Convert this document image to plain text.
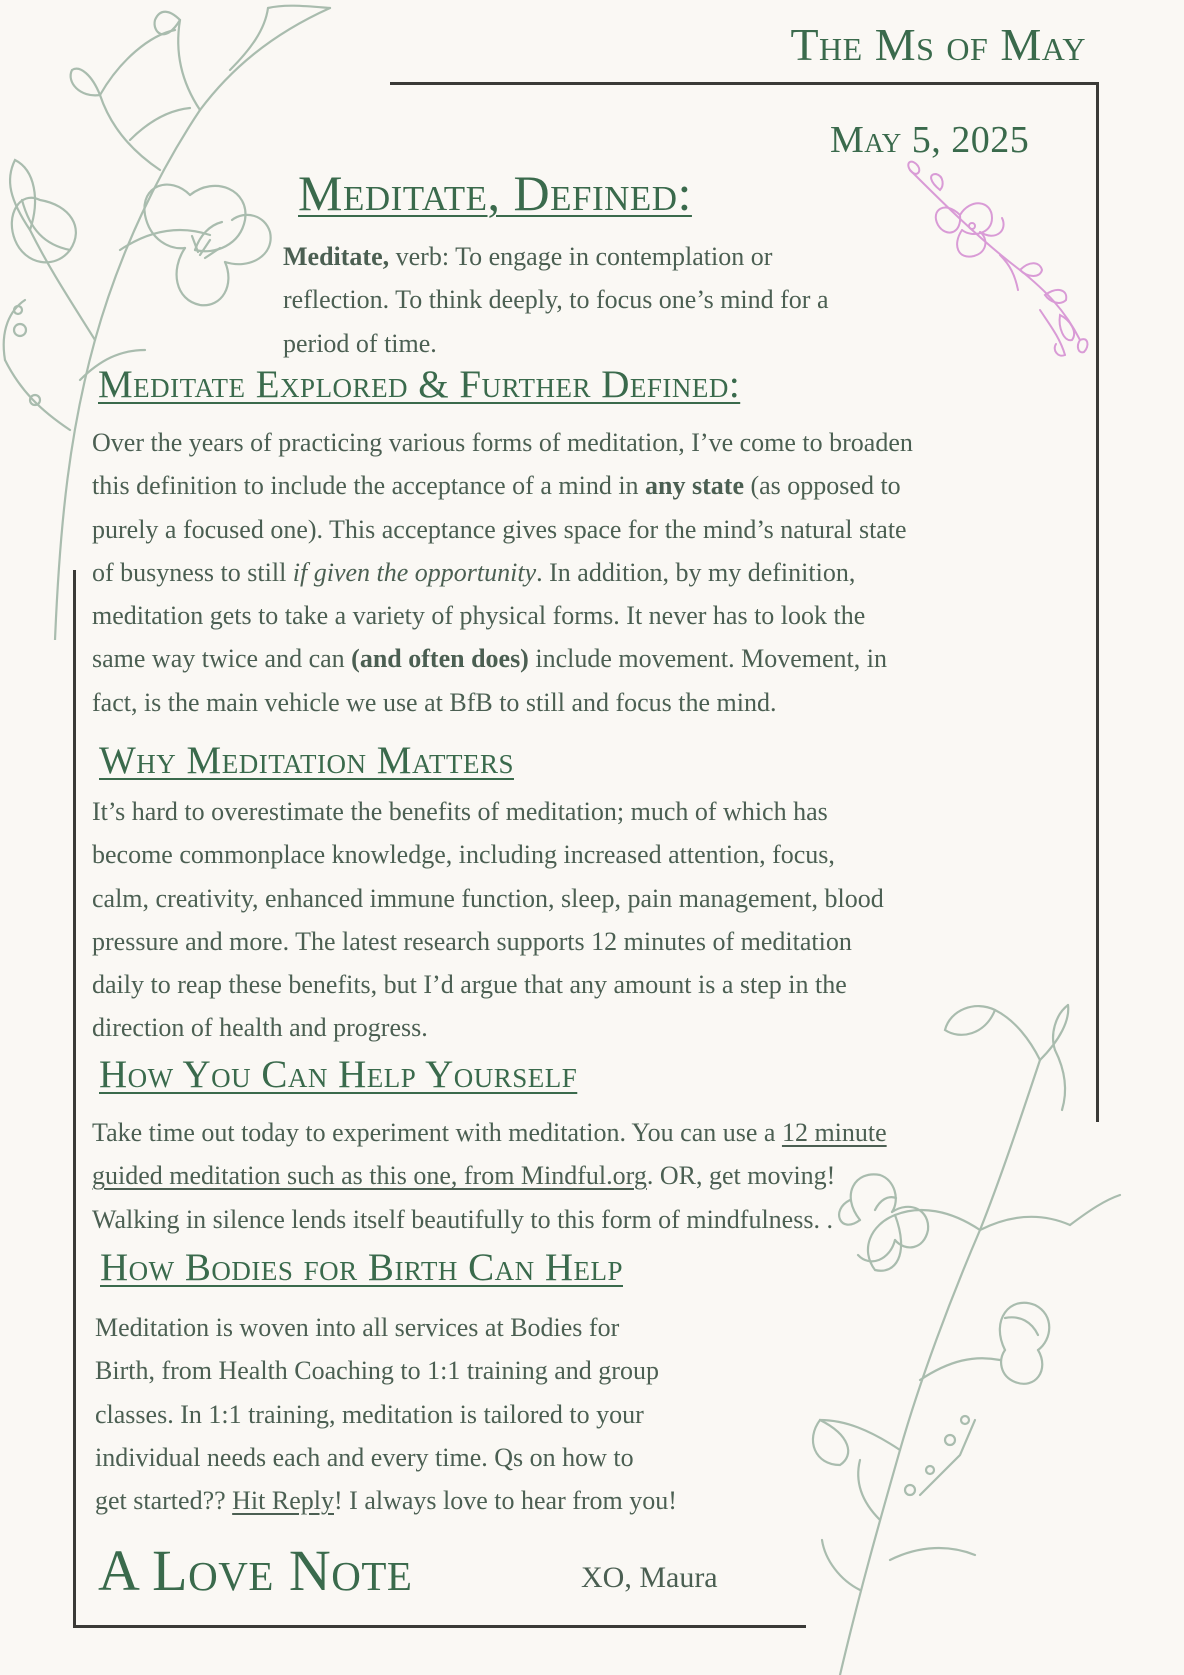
The Ms of May
May 5, 2025
Meditate, Defined:
Meditate, verb: To engage in contemplation or
reflection. To think deeply, to focus one’s mind for a
period of time.
Meditate Explored & Further Defined:
Over the years of practicing various forms of meditation, I’ve come to broaden
this definition to include the acceptance of a mind in any state (as opposed to
purely a focused one). This acceptance gives space for the mind’s natural state
of busyness to still if given the opportunity. In addition, by my definition,
meditation gets to take a variety of physical forms. It never has to look the
same way twice and can (and often does) include movement. Movement, in
fact, is the main vehicle we use at BfB to still and focus the mind.
Why Meditation Matters
It’s hard to overestimate the benefits of meditation; much of which has
become commonplace knowledge, including increased attention, focus,
calm, creativity, enhanced immune function, sleep, pain management, blood
pressure and more. The latest research supports 12 minutes of meditation
daily to reap these benefits, but I’d argue that any amount is a step in the
direction of health and progress.
How You Can Help Yourself
Take time out today to experiment with meditation. You can use a 12 minute
guided meditation such as this one, from Mindful.org. OR, get moving!
Walking in silence lends itself beautifully to this form of mindfulness. .
How Bodies for Birth Can Help
Meditation is woven into all services at Bodies for
Birth, from Health Coaching to 1:1 training and group
classes. In 1:1 training, meditation is tailored to your
individual needs each and every time. Qs on how to
get started?? Hit Reply! I always love to hear from you!
A Love Note	XO, Maura
